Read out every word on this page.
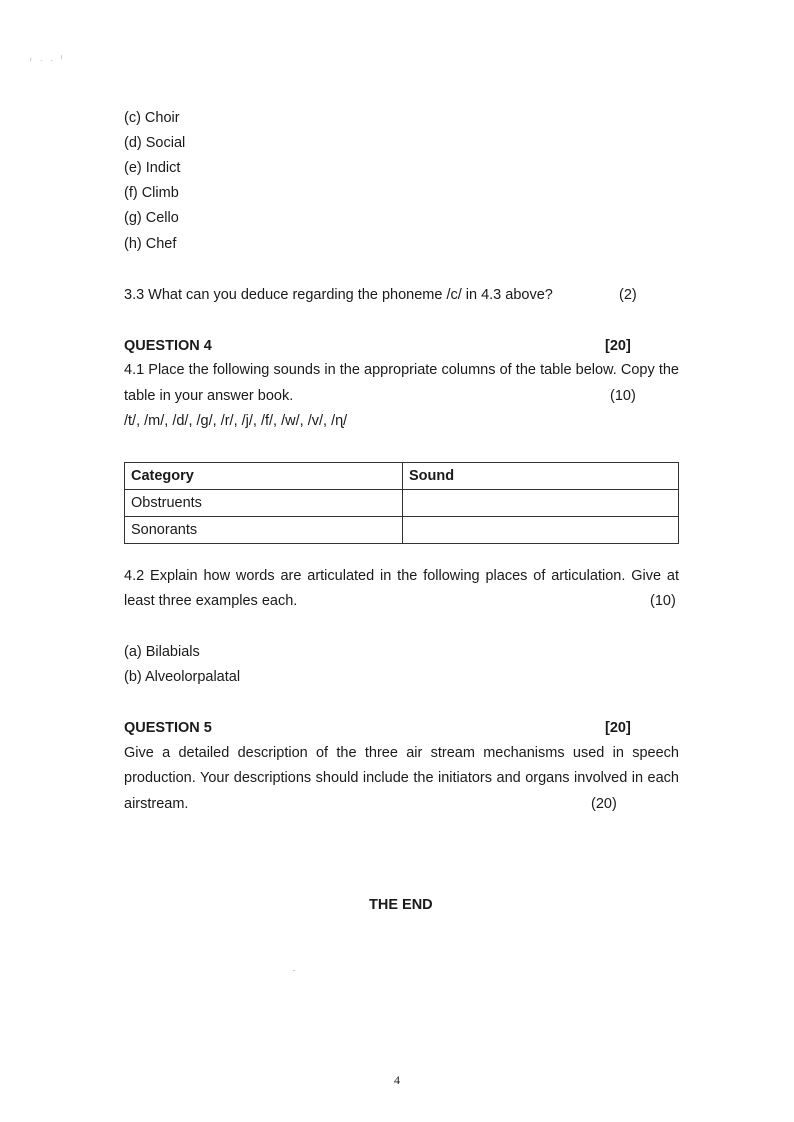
ᵣ . . ˡ
(c) Choir
(d) Social
(e) Indict
(f) Climb
(g) Cello
(h) Chef
3.3 What can you deduce regarding the phoneme /c/ in 4.3 above?	(2)
QUESTION 4	[20]
4.1 Place the following sounds in the appropriate columns of the table below. Copy the
table in your answer book.	(10)
/t/, /m/, /d/, /g/, /r/, /j/, /f/, /w/, /v/, /ɳ/
Category	Sound
Obstruents	
Sonorants	
4.2 Explain how words are articulated in the following places of articulation. Give at
least three examples each.	(10)
(a) Bilabials
(b) Alveolorpalatal
QUESTION 5	[20]
Give a detailed description of the three air stream mechanisms used in speech
production. Your descriptions should include the initiators and organs involved in each
airstream.	(20)
THE END
4
